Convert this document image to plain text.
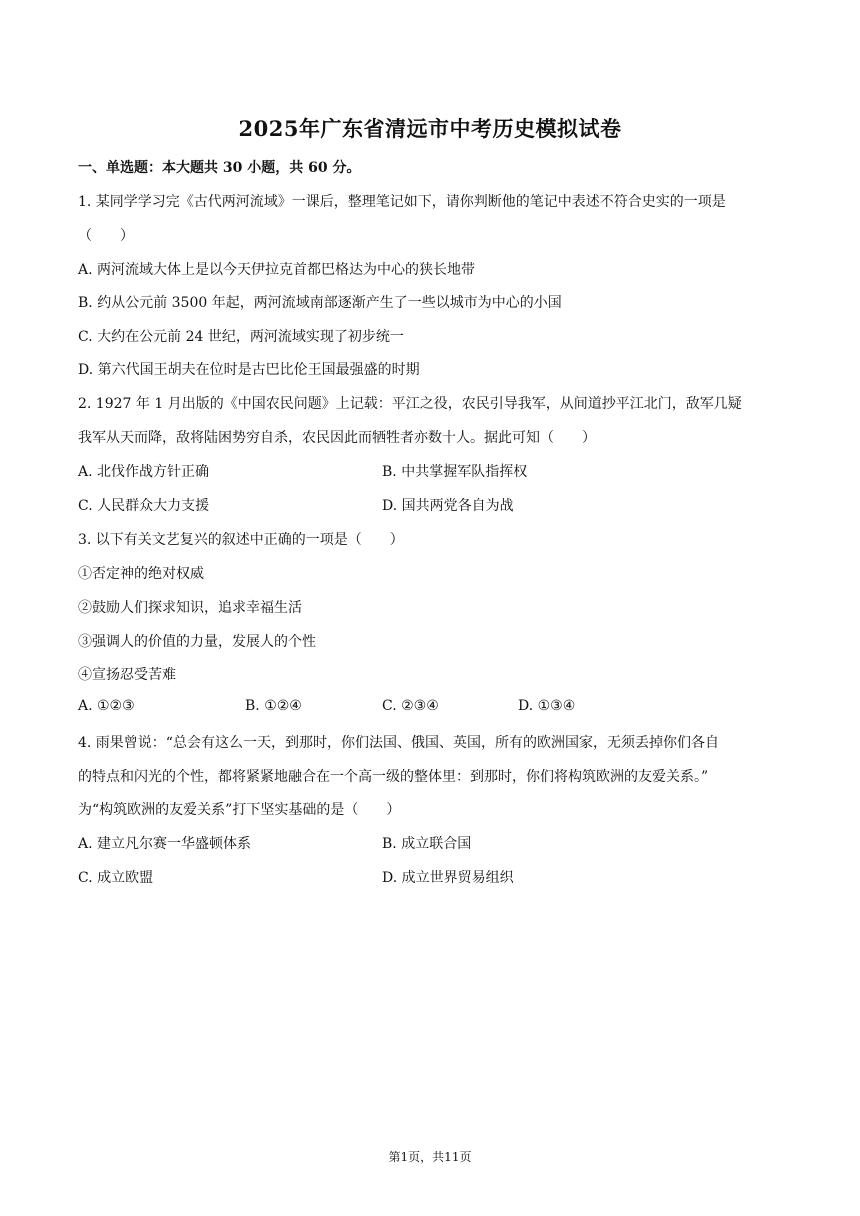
2025年广东省清远市中考历史模拟试卷
一、单选题：本大题共 30 小题，共 60 分。
1. 某同学学习完《古代两河流域》一课后，整理笔记如下，请你判断他的笔记中表述不符合史实的一项是
（　　）
A. 两河流域大体上是以今天伊拉克首都巴格达为中心的狭长地带
B. 约从公元前 3500 年起，两河流域南部逐渐产生了一些以城市为中心的小国
C. 大约在公元前 24 世纪，两河流域实现了初步统一
D. 第六代国王胡夫在位时是古巴比伦王国最强盛的时期
2. 1927 年 1 月出版的《中国农民问题》上记载：平江之役，农民引导我军，从间道抄平江北门，敌军几疑
我军从天而降，敌将陆困势穷自杀，农民因此而牺牲者亦数十人。据此可知（　　）
A. 北伐作战方针正确	B. 中共掌握军队指挥权
C. 人民群众大力支援	D. 国共两党各自为战
3. 以下有关文艺复兴的叙述中正确的一项是（　　）
①否定神的绝对权威
②鼓励人们探求知识，追求幸福生活
③强调人的价值的力量，发展人的个性
④宣扬忍受苦难
A. ①②③	B. ①②④	C. ②③④	D. ①③④
4. 雨果曾说：“总会有这么一天，到那时，你们法国、俄国、英国，所有的欧洲国家，无须丢掉你们各自
的特点和闪光的个性，都将紧紧地融合在一个高一级的整体里：到那时，你们将构筑欧洲的友爱关系。”
为“构筑欧洲的友爱关系”打下坚实基础的是（　　）
A. 建立凡尔赛一华盛顿体系	B. 成立联合国
C. 成立欧盟	D. 成立世界贸易组织
第1页，共11页
